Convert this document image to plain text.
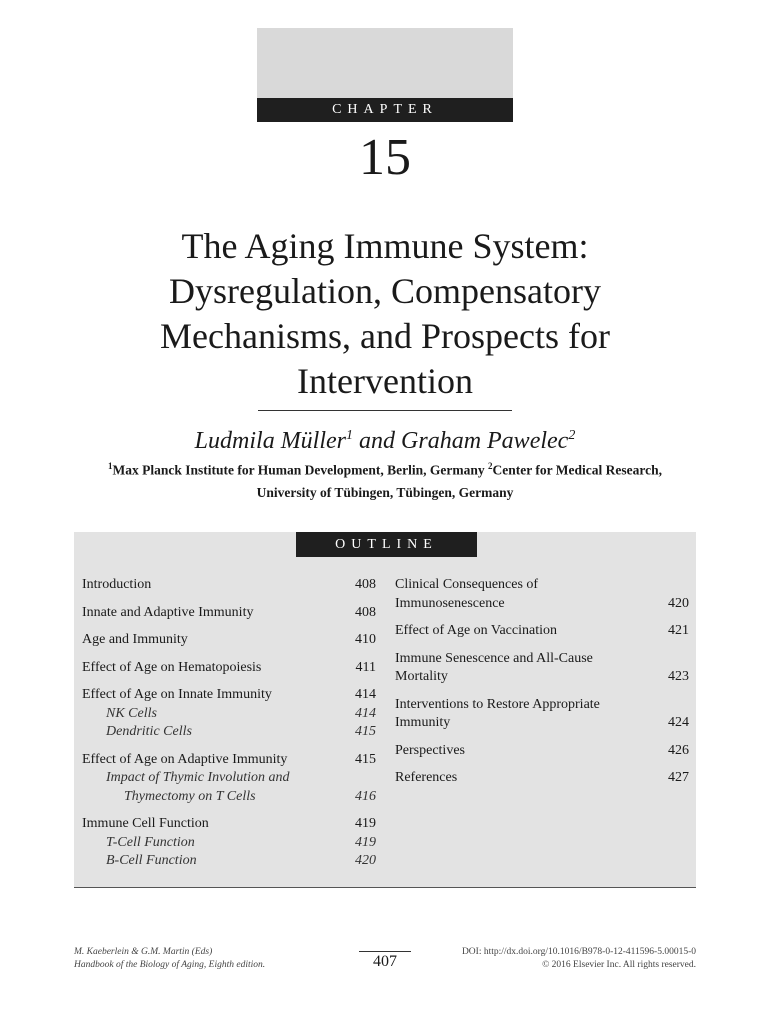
CHAPTER
15
The Aging Immune System:
Dysregulation, Compensatory
Mechanisms, and Prospects for
Intervention
Ludmila Müller$^1$ and Graham Pawelec$^2$
$^1$Max Planck Institute for Human Development, Berlin, Germany $^2$Center for Medical Research,
University of Tübingen, Tübingen, Germany
OUTLINE
Introduction	408
Innate and Adaptive Immunity	408
Age and Immunity	410
Effect of Age on Hematopoiesis	411
Effect of Age on Innate Immunity	414
NK Cells	414
Dendritic Cells	415
Effect of Age on Adaptive Immunity	415
Impact of Thymic Involution and
Thymectomy on T Cells	416
Immune Cell Function	419
T-Cell Function	419
B-Cell Function	420
Clinical Consequences of
Immunosenescence	420
Effect of Age on Vaccination	421
Immune Senescence and All-Cause
Mortality	423
Interventions to Restore Appropriate
Immunity	424
Perspectives	426
References	427
M. Kaeberlein & G.M. Martin (Eds)
Handbook of the Biology of Aging, Eighth edition.	407
DOI: http://dx.doi.org/10.1016/B978-0-12-411596-5.00015-0
© 2016 Elsevier Inc. All rights reserved.
